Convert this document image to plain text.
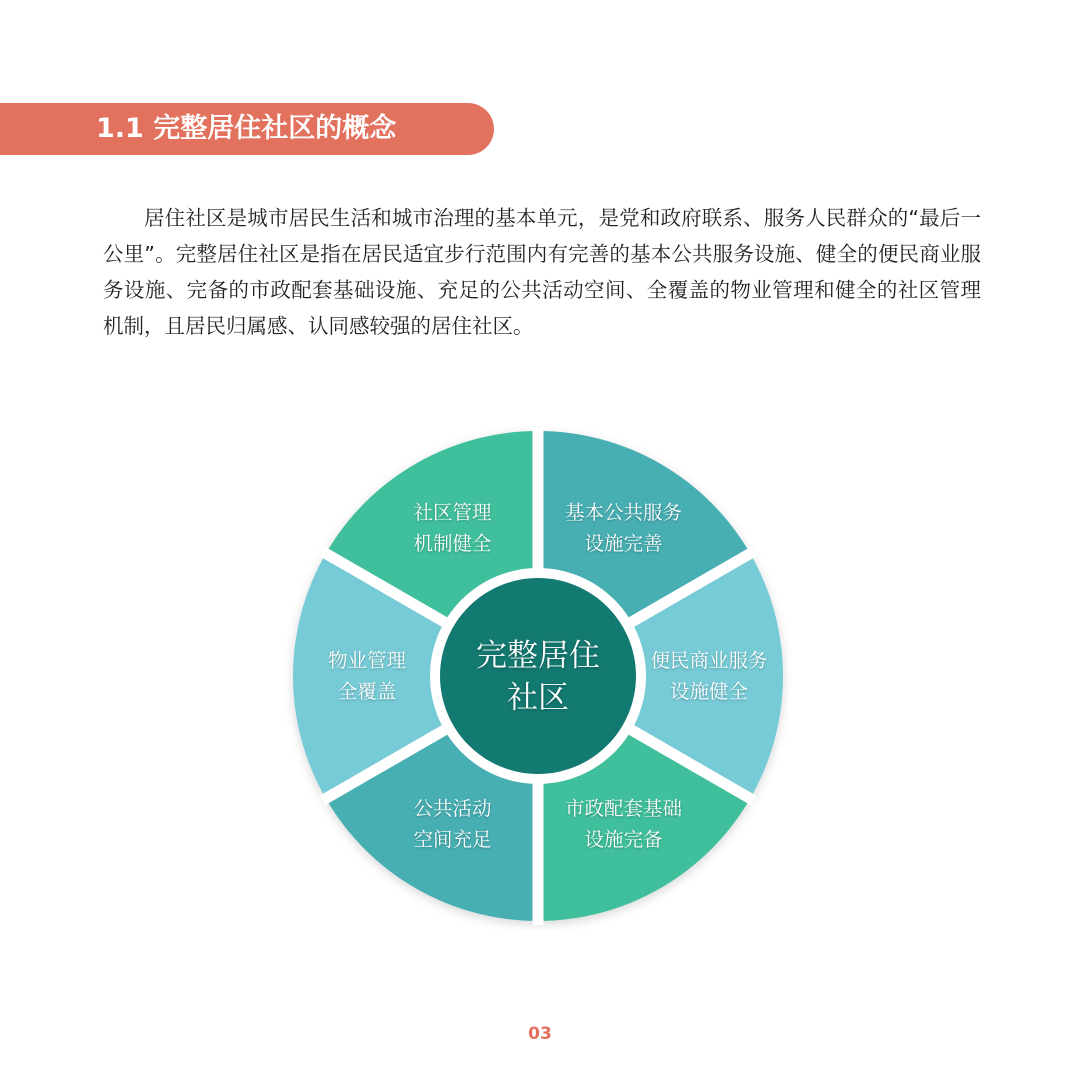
1.1 完整居住社区的概念

居住社区是城市居民生活和城市治理的基本单元，是党和政府联系、服务人民群众的“最后一公里”。完整居住社区是指在居民适宜步行范围内有完善的基本公共服务设施、健全的便民商业服务设施、完备的市政配套基础设施、充足的公共活动空间、全覆盖的物业管理和健全的社区管理机制，且居民归属感、认同感较强的居住社区。

基本公共服务
设施完善
便民商业服务
设施健全
市政配套基础
设施完备
公共活动
空间充足
物业管理
全覆盖
社区管理
机制健全
完整居住
社区
03
